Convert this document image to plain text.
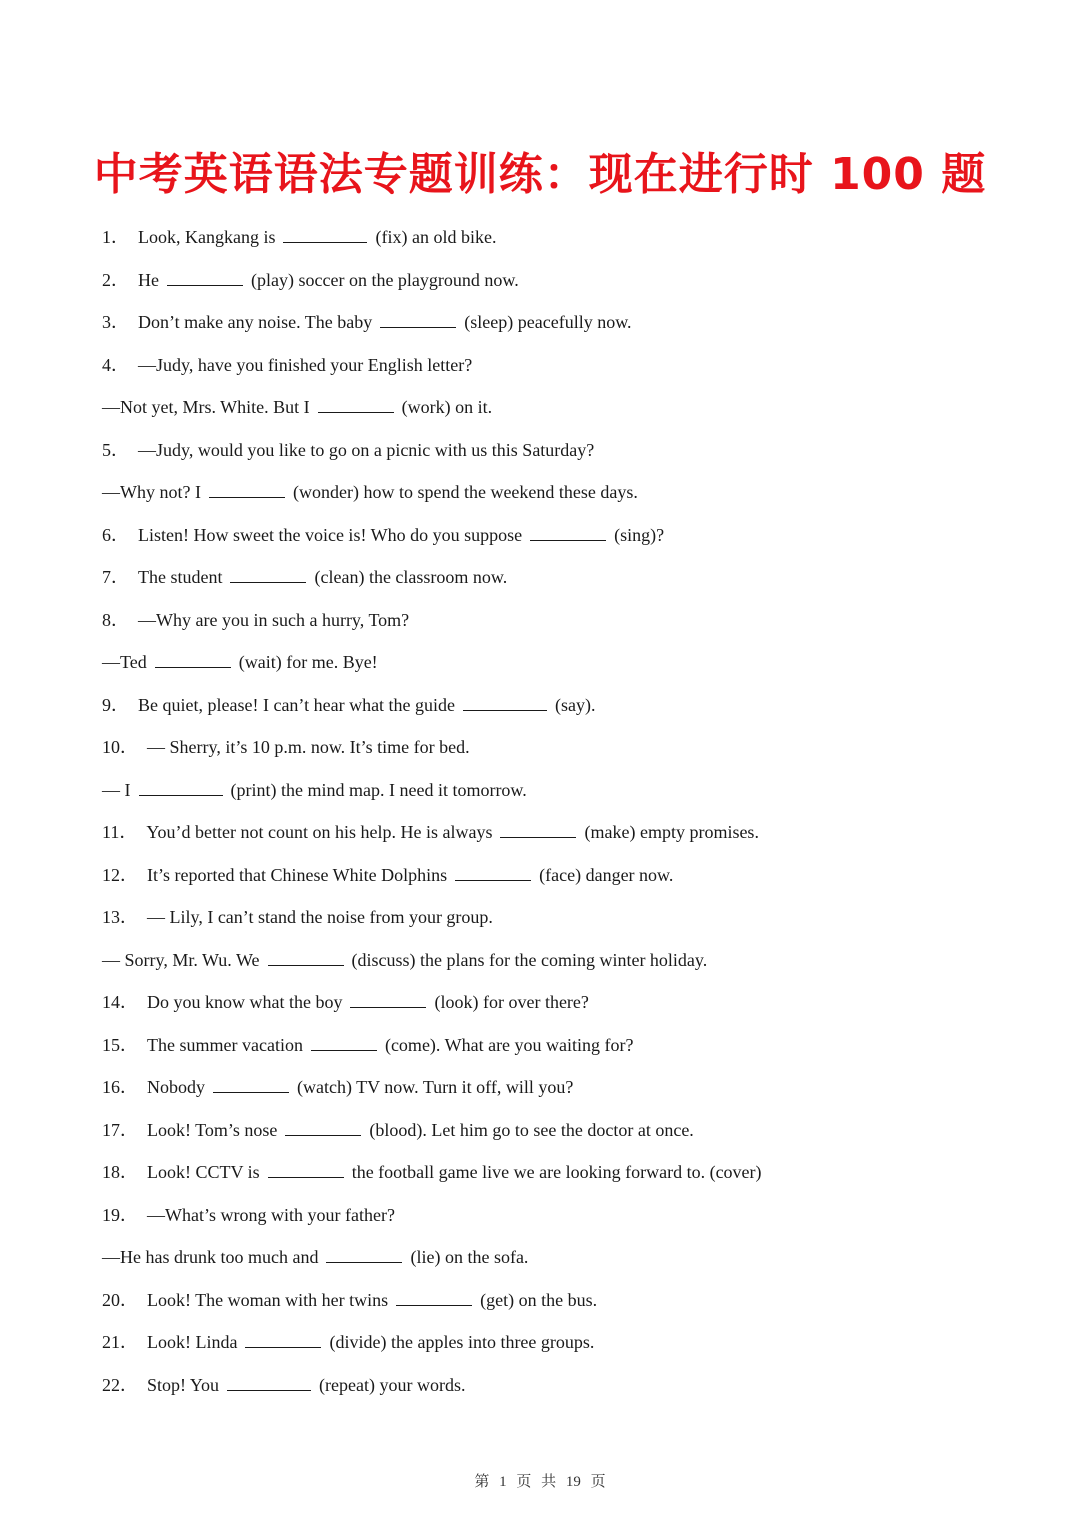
中考英语语法专题训练：现在进行时 100 题
1． Look, Kangkang is	(fix) an old bike.
2． He	(play) soccer on the playground now.
3． Don’t make any noise. The baby	(sleep) peacefully now.
4． —Judy, have you finished your English letter?
—Not yet, Mrs. White. But I	(work) on it.
5． —Judy, would you like to go on a picnic with us this Saturday?
—Why not? I	(wonder) how to spend the weekend these days.
6． Listen! How sweet the voice is! Who do you suppose	(sing)?
7． The student	(clean) the classroom now.
8． —Why are you in such a hurry, Tom?
—Ted	(wait) for me. Bye!
9． Be quiet, please! I can’t hear what the guide	(say).
10． — Sherry, it’s 10 p.m. now. It’s time for bed.
— I	(print) the mind map. I need it tomorrow.
11． You’d better not count on his help. He is always	(make) empty promises.
12． It’s reported that Chinese White Dolphins	(face) danger now.
13． — Lily, I can’t stand the noise from your group.
— Sorry, Mr. Wu. We	(discuss) the plans for the coming winter holiday.
14． Do you know what the boy	(look) for over there?
15． The summer vacation	(come). What are you waiting for?
16． Nobody	(watch) TV now. Turn it off, will you?
17． Look! Tom’s nose	(blood). Let him go to see the doctor at once.
18． Look! CCTV is	the football game live we are looking forward to. (cover)
19． —What’s wrong with your father?
—He has drunk too much and	(lie) on the sofa.
20． Look! The woman with her twins	(get) on the bus.
21． Look! Linda	(divide) the apples into three groups.
22． Stop! You	(repeat) your words.
第 1 页 共 19 页
